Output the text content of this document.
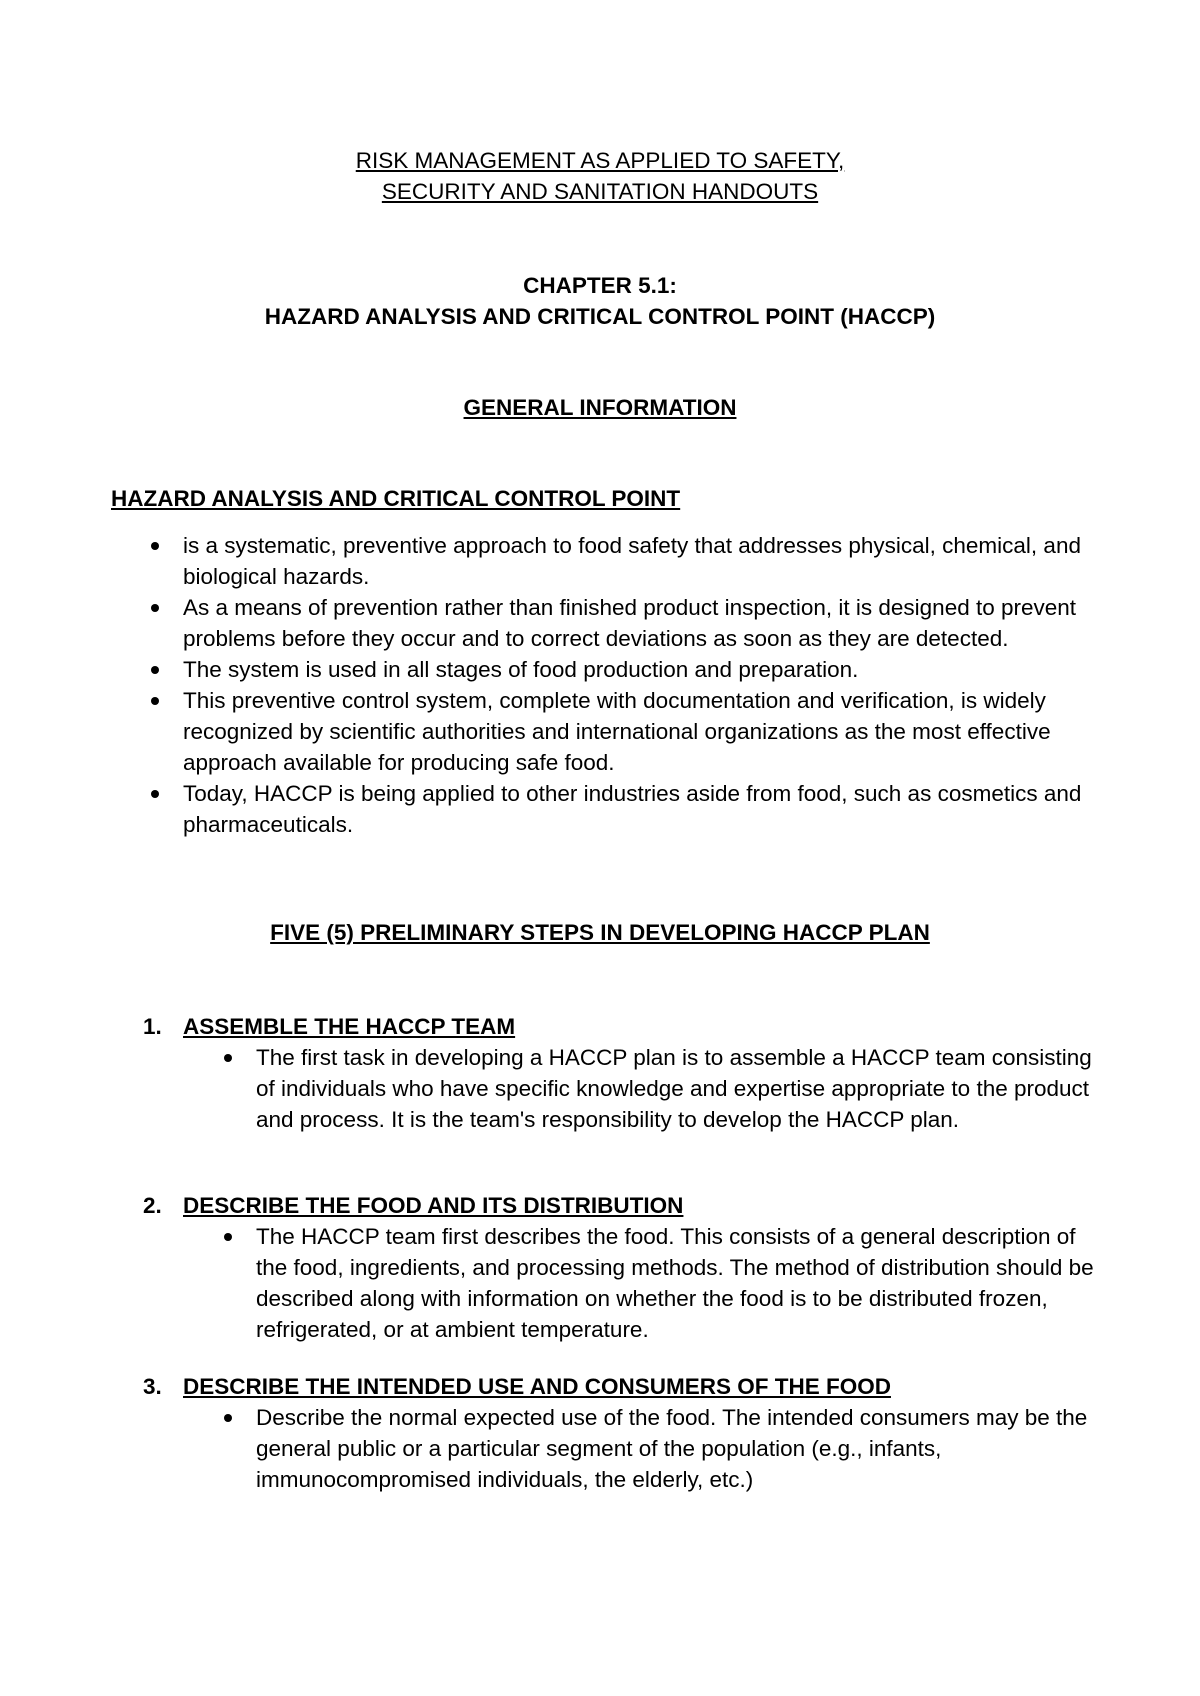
RISK MANAGEMENT AS APPLIED TO SAFETY,
SECURITY AND SANITATION HANDOUTS
CHAPTER 5.1:
HAZARD ANALYSIS AND CRITICAL CONTROL POINT (HACCP)
GENERAL INFORMATION
HAZARD ANALYSIS AND CRITICAL CONTROL POINT
is a systematic, preventive approach to food safety that addresses physical, chemical, and biological hazards.
As a means of prevention rather than finished product inspection, it is designed to prevent problems before they occur and to correct deviations as soon as they are detected.
The system is used in all stages of food production and preparation.
This preventive control system, complete with documentation and verification, is widely recognized by scientific authorities and international organizations as the most effective approach available for producing safe food.
Today, HACCP is being applied to other industries aside from food, such as cosmetics and pharmaceuticals.
FIVE (5) PRELIMINARY STEPS IN DEVELOPING HACCP PLAN
1. ASSEMBLE THE HACCP TEAM
The first task in developing a HACCP plan is to assemble a HACCP team consisting of individuals who have specific knowledge and expertise appropriate to the product and process. It is the team's responsibility to develop the HACCP plan.
2. DESCRIBE THE FOOD AND ITS DISTRIBUTION
The HACCP team first describes the food. This consists of a general description of the food, ingredients, and processing methods. The method of distribution should be described along with information on whether the food is to be distributed frozen, refrigerated, or at ambient temperature.
3. DESCRIBE THE INTENDED USE AND CONSUMERS OF THE FOOD
Describe the normal expected use of the food. The intended consumers may be the general public or a particular segment of the population (e.g., infants, immunocompromised individuals, the elderly, etc.)
